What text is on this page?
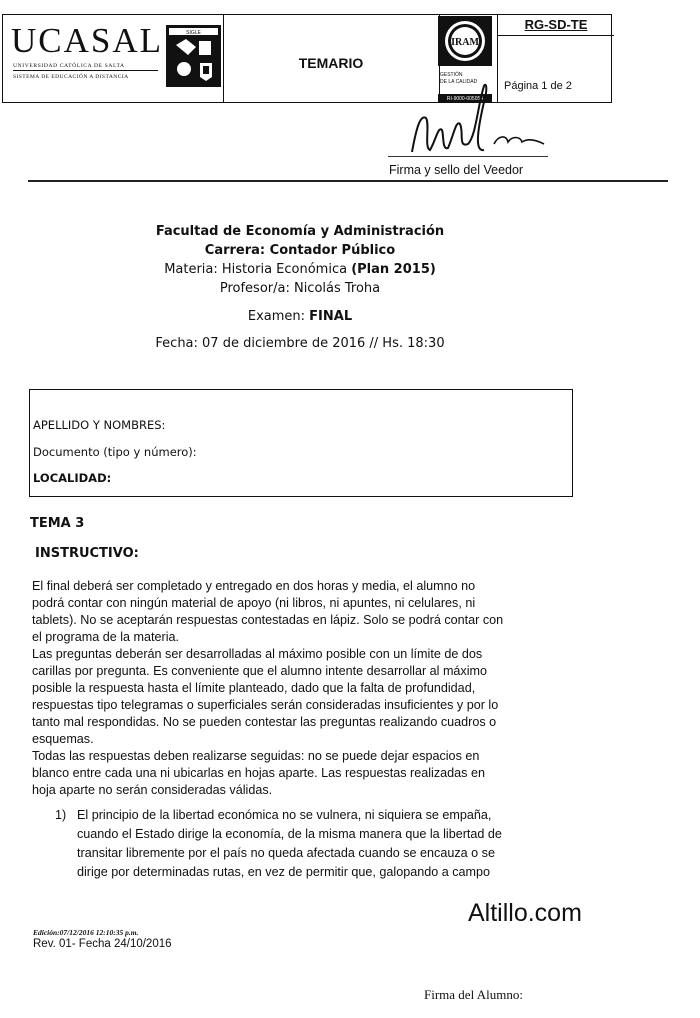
UCASAL
UNIVERSIDAD CATÓLICA DE SALTA
SISTEMA DE EDUCACIÓN A DISTANCIA
SIGLE
TEMARIO
RG-SD-TE
Página 1 de 2
IRAM
GESTIÓN
DE LA CALIDAD
RI-9000-005054
Firma y sello del Veedor
Facultad de Economía y Administración
Carrera: Contador Público
Materia: Historia Económica (Plan 2015)
Profesor/a: Nicolás Troha
Examen: FINAL
Fecha: 07 de diciembre de 2016 // Hs. 18:30
APELLIDO Y NOMBRES:
Documento (tipo y número):
LOCALIDAD:
TEMA 3
INSTRUCTIVO:
El final deberá ser completado y entregado en dos horas y media, el alumno no
podrá contar con ningún material de apoyo (ni libros, ni apuntes, ni celulares, ni
tablets). No se aceptarán respuestas contestadas en lápiz. Solo se podrá contar con
el programa de la materia.
Las preguntas deberán ser desarrolladas al máximo posible con un límite de dos
carillas por pregunta. Es conveniente que el alumno intente desarrollar al máximo
posible la respuesta hasta el límite planteado, dado que la falta de profundidad,
respuestas tipo telegramas o superficiales serán consideradas insuficientes y por lo
tanto mal respondidas. No se pueden contestar las preguntas realizando cuadros o
esquemas.
Todas las respuestas deben realizarse seguidas: no se puede dejar espacios en
blanco entre cada una ni ubicarlas en hojas aparte. Las respuestas realizadas en
hoja aparte no serán consideradas válidas.
1) El principio de la libertad económica no se vulnera, ni siquiera se empaña,
cuando el Estado dirige la economía, de la misma manera que la libertad de
transitar libremente por el país no queda afectada cuando se encauza o se
dirige por determinadas rutas, en vez de permitir que, galopando a campo
Edición:07/12/2016 12:10:35 p.m.
Rev. 01- Fecha 24/10/2016
Altillo.com
Firma del Alumno:
